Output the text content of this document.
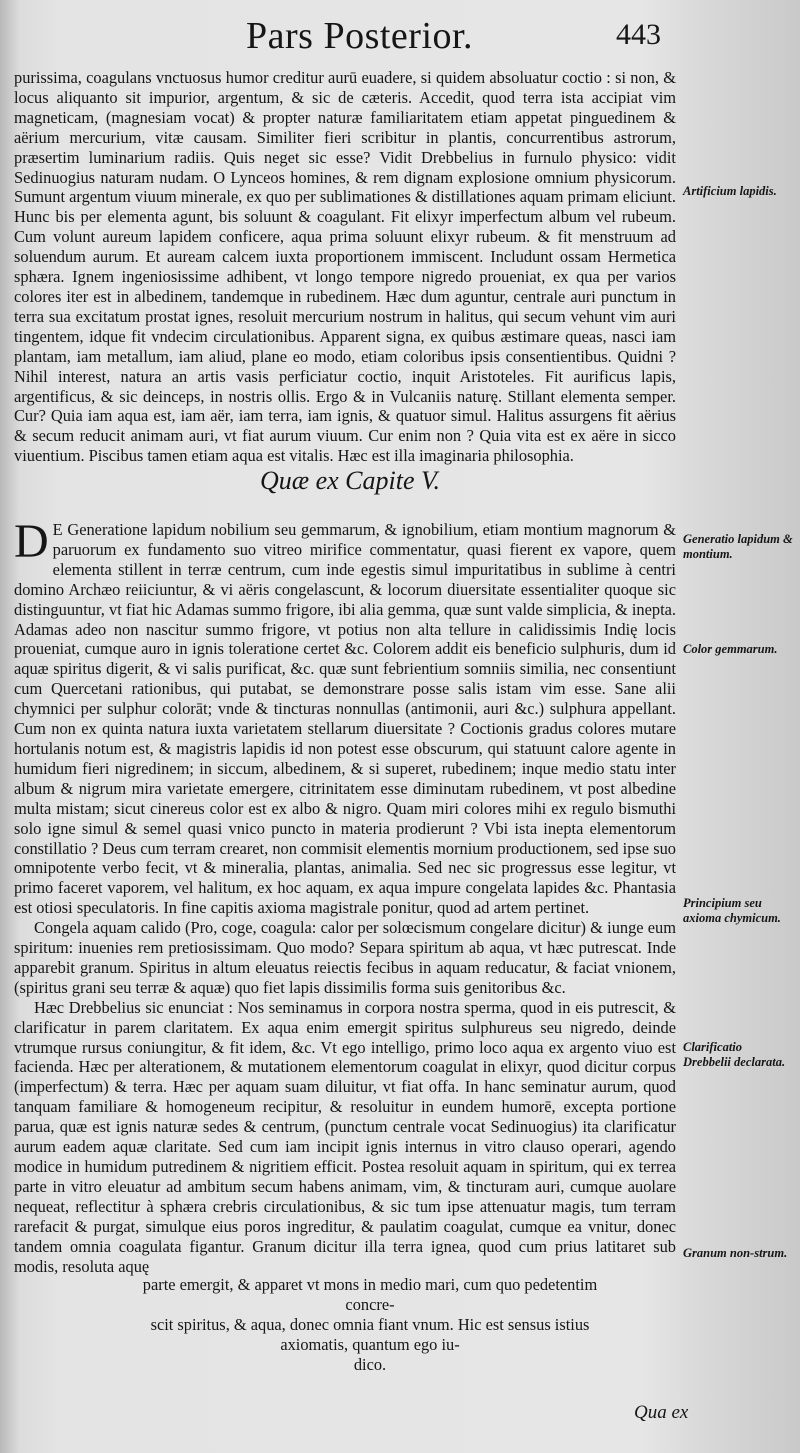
Pars Posterior.	443

purissima, coagulans vnctuosus humor creditur aurū euadere, si quidem absoluatur coctio : si non, & locus aliquanto sit impurior, argentum, & sic de cæteris. Accedit, quod terra ista accipiat vim magneticam, (magnesiam vocat) & propter naturæ familiaritatem etiam appetat pinguedinem & aërium mercurium, vitæ causam. Similiter fieri scribitur in plantis, concurrentibus astrorum, præsertim luminarium radiis. Quis neget sic esse? Vidit Drebbelius in furnulo physico: vidit Sedinuogius naturam nudam. O Lynceos homines, & rem dignam explosione omnium physicorum. Sumunt argentum viuum minerale, ex quo per sublimationes & distillationes aquam primam eliciunt. Hunc bis per elementa agunt, bis soluunt & coagulant. Fit elixyr imperfectum album vel rubeum. Cum volunt aureum lapidem conficere, aqua prima soluunt elixyr rubeum. & fit menstruum ad soluendum aurum. Et auream calcem iuxta proportionem immiscent. Includunt ossam Hermetica sphæra. Ignem ingeniosissime adhibent, vt longo tempore nigredo proueniat, ex qua per varios colores iter est in albedinem, tandemque in rubedinem. Hæc dum aguntur, centrale auri punctum in terra sua excitatum prostat ignes, resoluit mercurium nostrum in halitus, qui secum vehunt vim auri tingentem, idque fit vndecim circulationibus. Apparent signa, ex quibus æstimare queas, nasci iam plantam, iam metallum, iam aliud, plane eo modo, etiam coloribus ipsis consentientibus. Quidni ? Nihil interest, natura an artis vasis perficiatur coctio, inquit Aristoteles. Fit aurificus lapis, argentificus, & sic deinceps, in nostris ollis. Ergo & in Vulcaniis naturę. Stillant elementa semper. Cur? Quia iam aqua est, iam aër, iam terra, iam ignis, & quatuor simul. Halitus assurgens fit aërius & secum reducit animam auri, vt fiat aurum viuum. Cur enim non ? Quia vita est ex aëre in sicco viuentium. Piscibus tamen etiam aqua est vitalis. Hæc est illa imaginaria philosophia.

Quæ ex Capite V.
D E Generatione lapidum nobilium seu gemmarum, & ignobilium, etiam montium magnorum & paruorum ex fundamento suo vitreo mirifice commentatur, quasi fierent ex vapore, quem elementa stillent in terræ centrum, cum inde egestis simul impuritatibus in sublime à centri domino Archæo reiiciuntur, & vi aëris congelascunt, & locorum diuersitate essentialiter quoque sic distinguuntur, vt fiat hic Adamas summo frigore, ibi alia gemma, quæ sunt valde simplicia, & inepta. Adamas adeo non nascitur summo frigore, vt potius non alta tellure in calidissimis Indię locis proueniat, cumque auro in ignis toleratione certet &c. Colorem addit eis beneficio sulphuris, dum id aquæ spiritus digerit, & vi salis purificat, &c. quæ sunt febrientium somniis similia, nec consentiunt cum Quercetani rationibus, qui putabat, se demonstrare posse salis istam vim esse. Sane alii chymnici per sulphur colorāt; vnde & tincturas nonnullas (antimonii, auri &c.) sulphura appellant. Cum non ex quinta natura iuxta varietatem stellarum diuersitate ? Coctionis gradus colores mutare hortulanis notum est, & magistris lapidis id non potest esse obscurum, qui statuunt calore agente in humidum fieri nigredinem; in siccum, albedinem, & si superet, rubedinem; inque medio statu inter album & nigrum mira varietate emergere, citrinitatem esse diminutam rubedinem, vt post albedine multa mistam; sicut cinereus color est ex albo & nigro. Quam miri colores mihi ex regulo bismuthi solo igne simul & semel quasi vnico puncto in materia prodierunt ? Vbi ista inepta elementorum constillatio ? Deus cum terram crearet, non commisit elementis mornium productionem, sed ipse suo omnipotente verbo fecit, vt & mineralia, plantas, animalia. Sed nec sic progressus esse legitur, vt primo faceret vaporem, vel halitum, ex hoc aquam, ex aqua impure congelata lapides &c. Phantasia est otiosi speculatoris. In fine capitis axioma magistrale ponitur, quod ad artem pertinet.

Congela aquam calido (Pro, coge, coagula: calor per solœcismum congelare dicitur) & iunge eum spiritum: inuenies rem pretiosissimam. Quo modo? Separa spiritum ab aqua, vt hæc putrescat. Inde apparebit granum. Spiritus in altum eleuatus reiectis fecibus in aquam reducatur, & faciat vnionem, (spiritus grani seu terræ & aquæ) quo fiet lapis dissimilis forma suis genitoribus &c.

Hæc Drebbelius sic enunciat : Nos seminamus in corpora nostra sperma, quod in eis putrescit, & clarificatur in parem claritatem. Ex aqua enim emergit spiritus sulphureus seu nigredo, deinde vtrumque rursus coniungitur, & fit idem, &c. Vt ego intelligo, primo loco aqua ex argento viuo est facienda. Hæc per alterationem, & mutationem elementorum coagulat in elixyr, quod dicitur corpus (imperfectum) & terra. Hæc per aquam suam diluitur, vt fiat offa. In hanc seminatur aurum, quod tanquam familiare & homogeneum recipitur, & resoluitur in eundem humorē, excepta portione parua, quæ est ignis naturæ sedes & centrum, (punctum centrale vocat Sedinuogius) ita clarificatur aurum eadem aquæ claritate. Sed cum iam incipit ignis internus in vitro clauso operari, agendo modice in humidum putredinem & nigritiem efficit. Postea resoluit aquam in spiritum, qui ex terrea parte in vitro eleuatur ad ambitum secum habens animam, vim, & tincturam auri, cumque auolare nequeat, reflectitur à sphæra crebris circulationibus, & sic tum ipse attenuatur magis, tum terram rarefacit & purgat, simulque eius poros ingreditur, & paulatim coagulat, cumque ea vnitur, donec tandem omnia coagulata figantur. Granum dicitur illa terra ignea, quod cum prius latitaret sub modis, resoluta aquę

parte emergit, & apparet vt mons in medio mari, cum quo pedetentim concre-
scit spiritus, & aqua, donec omnia fiant vnum. Hic est sensus istius
axiomatis, quantum ego iu-
dico.
Artificium lapidis.
Generatio lapidum & montium.
Color gemmarum.
Principium seu axioma chymicum.
Clarificatio Drebbelii declarata.
Granum non-strum.
Qua ex
